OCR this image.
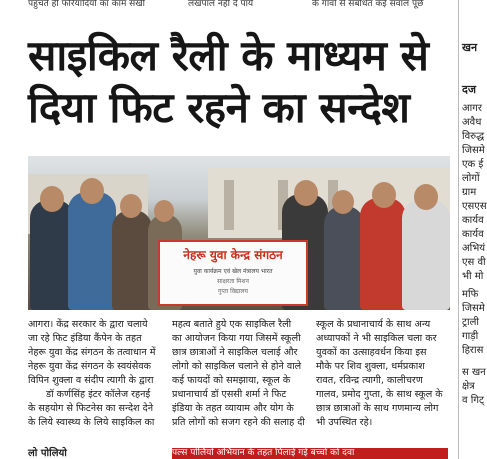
पहुंचते ही फरियादियों का काम सखी	लखपाल नहीं दे पाये	के गांवों से संबंधित कई सवाल पूछे
साइकिल रैली के माध्यम से
दिया फिट रहने का सन्देश
नेहरू युवा केन्द्र संगठन
युवा कार्यक्रम एवं खेल मंत्रालय भारत
साक्षरता मिशन
गुप्ता विद्यालय
आगरा। केंद्र सरकार के द्वारा चलाये
जा रहे फिट इंडिया कैंपेन के तहत
नेहरू युवा केंद्र संगठन के तत्वाधान में
नेहरू युवा केंद्र संगठन के स्वयंसेवक
विपिन शुक्ला व संदीप त्यागी के द्वारा
डॉ कर्णसिंह इंटर कॉलेज रहनई
के सहयोग से फिटनेस का सन्देश देने
के लिये स्वास्थ्य के लिये साइकिल का
महत्व बताते हुये एक साइकिल रैली
का आयोजन किया गया जिसमें स्कूली
छात्र छात्राओं ने साइकिल चलाई और
लोगो को साइकिल चलाने से होने वाले
कई फायदों को समझाया, स्कूल के
प्रधानाचार्य डॉ एससी शर्मा ने फिट
इंडिया के तहत व्यायाम और योग के
प्रति लोगों को सजग रहने की सलाह दी
स्कूल के प्रधानाचार्य के साथ अन्य
अध्यापकों ने भी साइकिल चला कर
युवकों का उत्साहवर्धन किया इस
मौके पर शिव शुक्ला, धर्मप्रकाश
रावत, रविन्द्र त्यागी, कालीचरण
गालव, प्रमोद गुप्ता, के साथ स्कूल के
छात्र छात्राओं के साथ गणमान्य लोग
भी उपस्थित रहे।
लो पोलियो	पल्स पोलियो अभियान के तहत पिलाई गई बच्चों को दवा
खन
दज
आगर
अवैध
विरुद्ध
जिसमे
एक ई
लोगों
ग्राम
एसएस
कार्यव
कार्यव
अभियं
एस वी
भी मो
मफि
जिसमे
ट्राली
गाड़ी
हिरास
स खन
क्षेत्र
व गिट्
